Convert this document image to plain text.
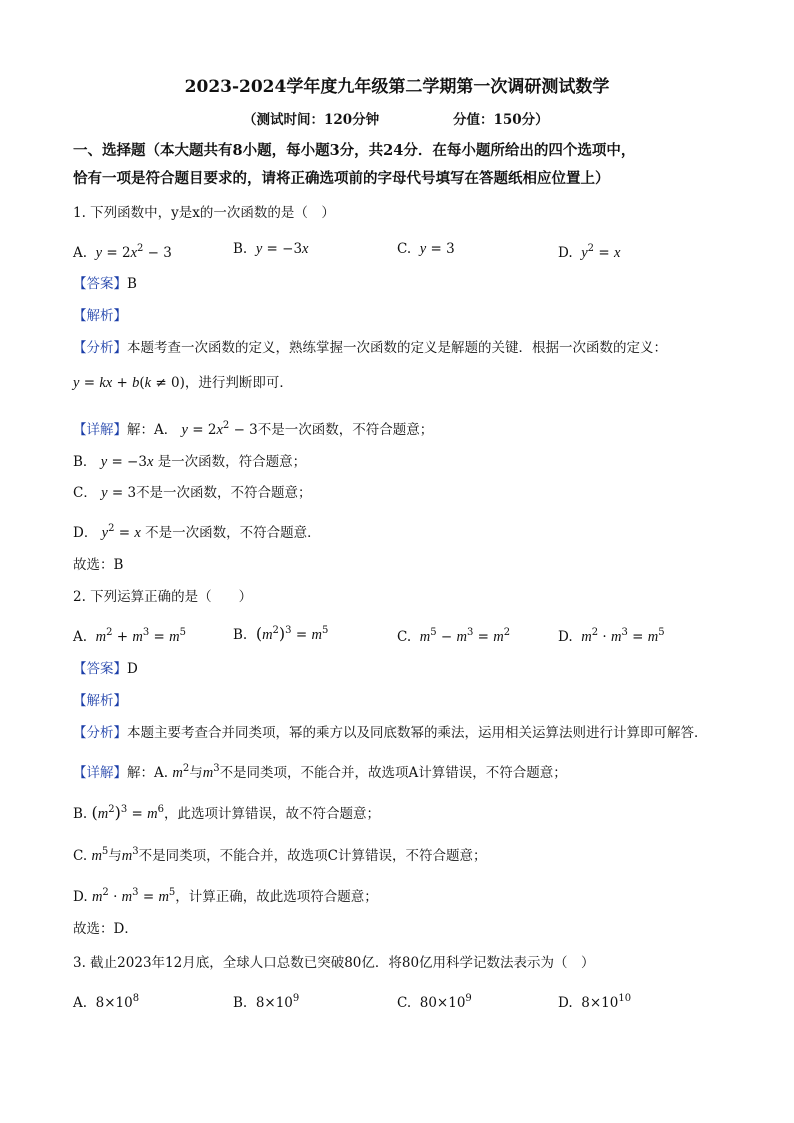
2023-2024学年度九年级第二学期第一次调研测试数学
（测试时间：120分钟	分值：150分）
一、选择题（本大题共有8小题，每小题3分，共24分．在每小题所给出的四个选项中，
恰有一项是符合题目要求的，请将正确选项前的字母代号填写在答题纸相应位置上）
1. 下列函数中，y是x的一次函数的是（　）
A. $y = 2x^2 - 3$	B. y = −3x	C. y = 3	D. $y^2 = x$
【答案】B
【解析】
【分析】本题考查一次函数的定义，熟练掌握一次函数的定义是解题的关键．根据一次函数的定义：
y = kx + b(k ≠ 0)，进行判断即可．
【详解】解：A． $y = 2x^2 - 3$不是一次函数，不符合题意；
B． y = −3x 是一次函数，符合题意；
C． y = 3不是一次函数，不符合题意；
D． $y^2 = x$ 不是一次函数，不符合题意．
故选：B
2. 下列运算正确的是（　　）
A. $m^2 + m^3 = m^5$	B. $(m^2)^3 = m^5$	C. $m^5 - m^3 = m^2$	D. $m^2 \cdot m^3 = m^5$
【答案】D
【解析】
【分析】本题主要考查合并同类项，幂的乘方以及同底数幂的乘法，运用相关运算法则进行计算即可解答．
【详解】解：A. $m^2$与$m^3$不是同类项，不能合并，故选项A计算错误，不符合题意；
B. $(m^2)^3 = m^6$，此选项计算错误，故不符合题意；
C. $m^5$与$m^3$不是同类项，不能合并，故选项C计算错误，不符合题意；
D. $m^2 \cdot m^3 = m^5$，计算正确，故此选项符合题意；
故选：D．
3. 截止2023年12月底，全球人口总数已突破80亿．将80亿用科学记数法表示为（　）
A. $8\times 10^8$	B. $8\times 10^9$	C. $80\times 10^9$	D. $8\times 10^{10}$
